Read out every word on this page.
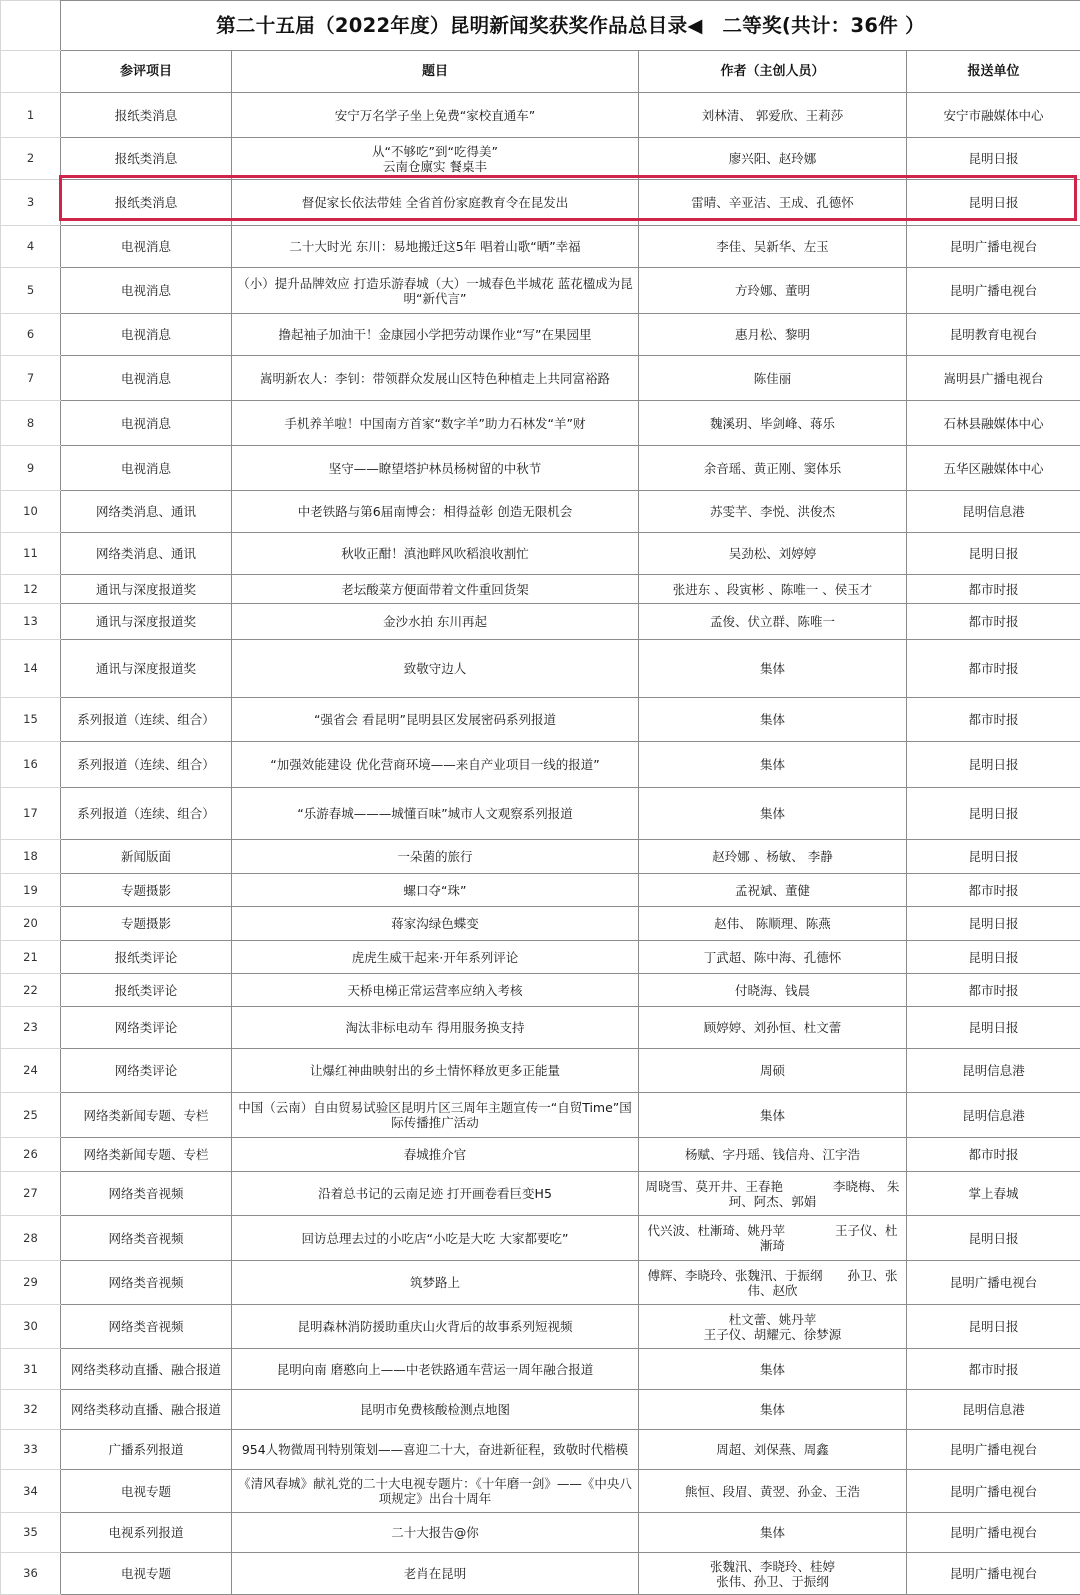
	第二十五届（2022年度）昆明新闻奖获奖作品总目录◀　二等奖(共计：36件 ）			
	参评项目	题目	作者（主创人员）	报送单位
1	报纸类消息	安宁万名学子坐上免费“家校直通车”	刘林清、 郭爱欣、王莉莎	安宁市融媒体中心
2	报纸类消息	从“不够吃”到“吃得美”
云南仓廪实 餐桌丰	廖兴阳、赵玲娜	昆明日报
3	报纸类消息	督促家长依法带娃 全省首份家庭教育令在昆发出	雷晴、辛亚洁、王成、孔德怀	昆明日报
4	电视消息	二十大时光 东川：易地搬迁这5年 唱着山歌“晒”幸福	李佳、吴新华、左玉	昆明广播电视台
5	电视消息	（小）提升品牌效应 打造乐游春城（大）一城春色半城花 蓝花楹成为昆明“新代言”	方玲娜、董明	昆明广播电视台
6	电视消息	撸起袖子加油干！金康园小学把劳动课作业“写”在果园里	惠月松、黎明	昆明教育电视台
7	电视消息	嵩明新农人：李钊：带领群众发展山区特色种植走上共同富裕路	陈佳丽	嵩明县广播电视台
8	电视消息	手机养羊啦！中国南方首家“数字羊”助力石林发“羊”财	魏溪玥、毕剑峰、蒋乐	石林县融媒体中心
9	电视消息	坚守——瞭望塔护林员杨树留的中秋节	余音瑶、黄正刚、窦体乐	五华区融媒体中心
10	网络类消息、通讯	中老铁路与第6届南博会：相得益彰 创造无限机会	苏雯芊、李悦、洪俊杰	昆明信息港
11	网络类消息、通讯	秋收正酣！滇池畔风吹稻浪收割忙	吴劲松、刘婷婷	昆明日报
12	通讯与深度报道奖	老坛酸菜方便面带着文件重回货架	张进东 、段寅彬 、陈唯一 、侯玉才	都市时报
13	通讯与深度报道奖	金沙水拍 东川再起	孟俊、伏立群、陈唯一	都市时报
14	通讯与深度报道奖	致敬守边人	集体	都市时报
15	系列报道（连续、组合）	“强省会 看昆明”昆明县区发展密码系列报道	集体	都市时报
16	系列报道（连续、组合）	“加强效能建设 优化营商环境——来自产业项目一线的报道”	集体	昆明日报
17	系列报道（连续、组合）	“乐游春城———城懂百味”城市人文观察系列报道	集体	昆明日报
18	新闻版面	一朵菌的旅行	赵玲娜 、杨敏、 李静	昆明日报
19	专题摄影	螺口夺“珠”	孟祝斌、董健	都市时报
20	专题摄影	蒋家沟绿色蝶变	赵伟、 陈顺理、陈燕	昆明日报
21	报纸类评论	虎虎生威干起来·开年系列评论	丁武超、陈中海、孔德怀	昆明日报
22	报纸类评论	天桥电梯正常运营率应纳入考核	付晓海、钱晨	都市时报
23	网络类评论	淘汰非标电动车 得用服务换支持	顾婷婷、刘孙恒、杜文蕾	昆明日报
24	网络类评论	让爆红神曲映射出的乡土情怀释放更多正能量	周硕	昆明信息港
25	网络类新闻专题、专栏	中国（云南）自由贸易试验区昆明片区三周年主题宣传一“自贸Time”国际传播推广活动	集体	昆明信息港
26	网络类新闻专题、专栏	春城推介官	杨赋、字丹瑶、钱信舟、江宇浩	都市时报
27	网络类音视频	沿着总书记的云南足迹 打开画卷看巨变H5	周晓雪、莫开井、王春艳　　　　李晓梅、 朱珂、阿杰、郭娟	掌上春城
28	网络类音视频	回访总理去过的小吃店“小吃是大吃 大家都要吃”	代兴波、杜漸琦、姚丹苹　　　　王子仪、杜漸琦	昆明日报
29	网络类音视频	筑梦路上	傅辉、李晓玲、张魏汛、于振纲　　孙卫、张伟、赵欣	昆明广播电视台
30	网络类音视频	昆明森林消防援助重庆山火背后的故事系列短视频	杜文蕾、姚丹苹
王子仪、胡耀元、徐梦源	昆明日报
31	网络类移动直播、融合报道	昆明向南 磨憨向上——中老铁路通车营运一周年融合报道	集体	都市时报
32	网络类移动直播、融合报道	昆明市免费核酸检测点地图	集体	昆明信息港
33	广播系列报道	954人物微周刊特别策划——喜迎二十大，奋进新征程，致敬时代楷模	周超、刘保燕、周鑫	昆明广播电视台
34	电视专题	《清风春城》献礼党的二十大电视专题片：《十年磨一剑》——《中央八项规定》出台十周年	熊恒、段眉、黄翌、孙金、王浩	昆明广播电视台
35	电视系列报道	二十大报告@你	集体	昆明广播电视台
36	电视专题	老肖在昆明	张魏汛、李晓玲、桂婷
张伟、孙卫、于振纲	昆明广播电视台
